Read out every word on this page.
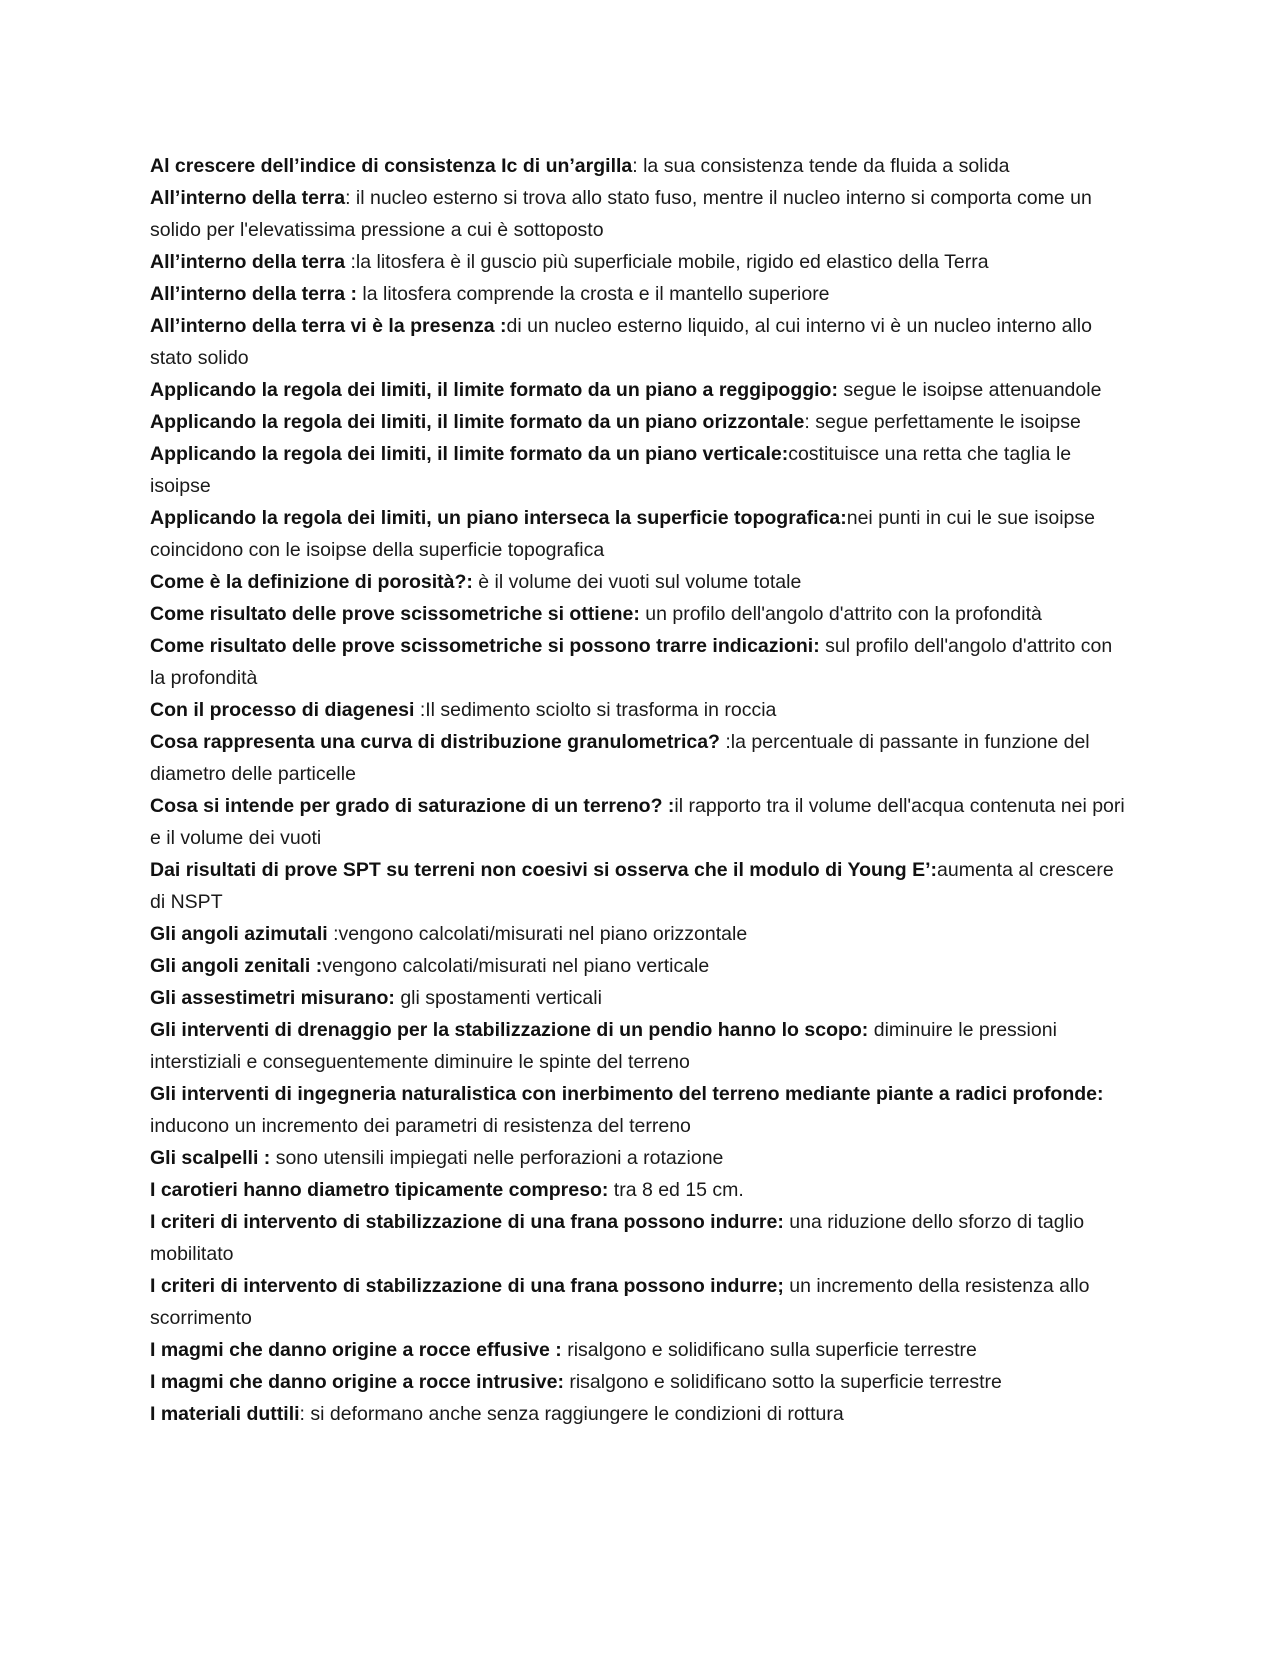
Al crescere dell’indice di consistenza Ic di un’argilla: la sua consistenza tende da fluida a solida

All’interno della terra: il nucleo esterno si trova allo stato fuso, mentre il nucleo interno si comporta come un solido per l'elevatissima pressione a cui è sottoposto

All’interno della terra :la litosfera è il guscio più superficiale mobile, rigido ed elastico della Terra

All’interno della terra : la litosfera comprende la crosta e il mantello superiore

All’interno della terra vi è la presenza :di un nucleo esterno liquido, al cui interno vi è un nucleo interno allo stato solido

Applicando la regola dei limiti, il limite formato da un piano a reggipoggio: segue le isoipse attenuandole

Applicando la regola dei limiti, il limite formato da un piano orizzontale: segue perfettamente le isoipse

Applicando la regola dei limiti, il limite formato da un piano verticale:costituisce una retta che taglia le isoipse

Applicando la regola dei limiti, un piano interseca la superficie topografica:nei punti in cui le sue isoipse coincidono con le isoipse della superficie topografica

Come è la definizione di porosità?: è il volume dei vuoti sul volume totale

Come risultato delle prove scissometriche si ottiene: un profilo dell'angolo d'attrito con la profondità

Come risultato delle prove scissometriche si possono trarre indicazioni: sul profilo dell'angolo d'attrito con la profondità

Con il processo di diagenesi :Il sedimento sciolto si trasforma in roccia

Cosa rappresenta una curva di distribuzione granulometrica? :la percentuale di passante in funzione del diametro delle particelle

Cosa si intende per grado di saturazione di un terreno? :il rapporto tra il volume dell'acqua contenuta nei pori e il volume dei vuoti

Dai risultati di prove SPT su terreni non coesivi si osserva che il modulo di Young E’:aumenta al crescere di NSPT

Gli angoli azimutali :vengono calcolati/misurati nel piano orizzontale

Gli angoli zenitali :vengono calcolati/misurati nel piano verticale

Gli assestimetri misurano: gli spostamenti verticali

Gli interventi di drenaggio per la stabilizzazione di un pendio hanno lo scopo: diminuire le pressioni interstiziali e conseguentemente diminuire le spinte del terreno

Gli interventi di ingegneria naturalistica con inerbimento del terreno mediante piante a radici profonde: inducono un incremento dei parametri di resistenza del terreno

Gli scalpelli : sono utensili impiegati nelle perforazioni a rotazione

I carotieri hanno diametro tipicamente compreso: tra 8 ed 15 cm.

I criteri di intervento di stabilizzazione di una frana possono indurre: una riduzione dello sforzo di taglio mobilitato

I criteri di intervento di stabilizzazione di una frana possono indurre; un incremento della resistenza allo scorrimento

I magmi che danno origine a rocce effusive : risalgono e solidificano sulla superficie terrestre

I magmi che danno origine a rocce intrusive: risalgono e solidificano sotto la superficie terrestre

I materiali duttili: si deformano anche senza raggiungere le condizioni di rottura
